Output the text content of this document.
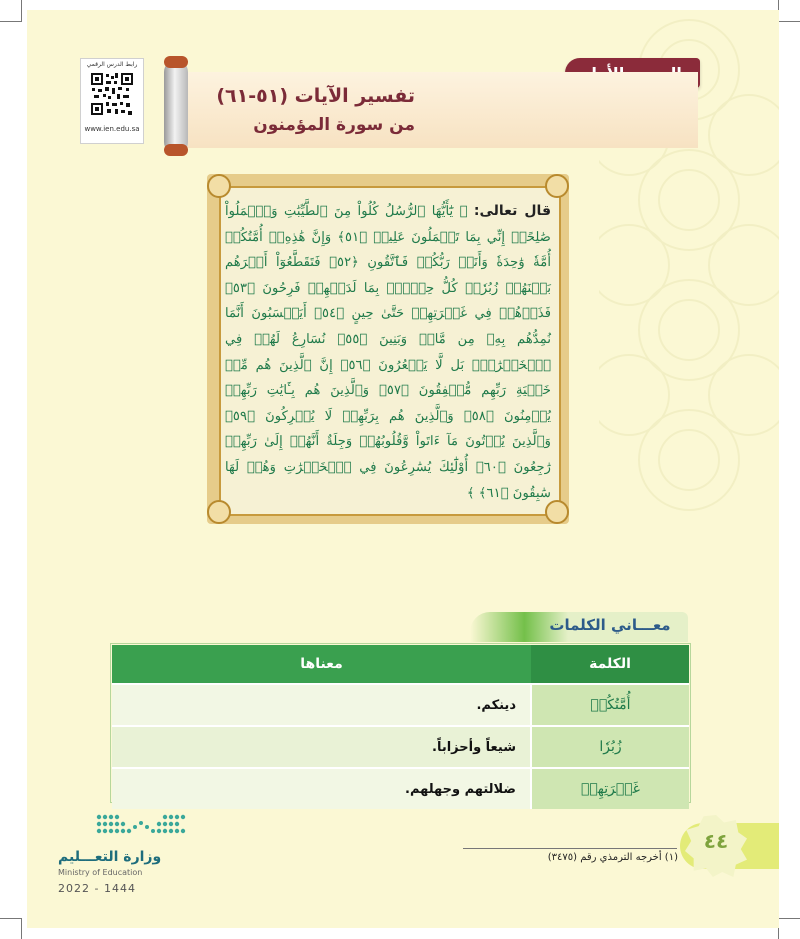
رابط الدرس الرقمي
www.ien.edu.sa
تفسير الآيات (٥١-٦١)
من سورة المؤمنون
قال تعالى: ﴿ يَٰٓأَيُّهَا ٱلرُّسُلُ كُلُواْ مِنَ ٱلطَّيِّبَٰتِ وَٱعۡمَلُواْ صَٰلِحًاۖ إِنِّي بِمَا تَعۡمَلُونَ عَلِيمٞ ﴿٥١﴾ وَإِنَّ هَٰذِهِۦٓ أُمَّتُكُمۡ أُمَّةٗ وَٰحِدَةٗ وَأَنَا۠ رَبُّكُمۡ فَٱتَّقُونِ ﴿٥٢﴾ فَتَقَطَّعُوٓاْ أَمۡرَهُم بَيۡنَهُمۡ زُبُرٗاۖ كُلُّ حِزۡبِۭ بِمَا لَدَيۡهِمۡ فَرِحُونَ ﴿٥٣﴾ فَذَرۡهُمۡ فِي غَمۡرَتِهِمۡ حَتَّىٰ حِينٍ ﴿٥٤﴾ أَيَحۡسَبُونَ أَنَّمَا نُمِدُّهُم بِهِۦ مِن مَّالٖ وَبَنِينَ ﴿٥٥﴾ نُسَارِعُ لَهُمۡ فِي ٱلۡخَيۡرَٰتِۚ بَل لَّا يَشۡعُرُونَ ﴿٥٦﴾ إِنَّ ٱلَّذِينَ هُم مِّنۡ خَشۡيَةِ رَبِّهِم مُّشۡفِقُونَ ﴿٥٧﴾ وَٱلَّذِينَ هُم بِـَٔايَٰتِ رَبِّهِمۡ يُؤۡمِنُونَ ﴿٥٨﴾ وَٱلَّذِينَ هُم بِرَبِّهِمۡ لَا يُشۡرِكُونَ ﴿٥٩﴾ وَٱلَّذِينَ يُؤۡتُونَ مَآ ءَاتَواْ وَّقُلُوبُهُمۡ وَجِلَةٌ أَنَّهُمۡ إِلَىٰ رَبِّهِمۡ رَٰجِعُونَ ﴿٦٠﴾ أُوْلَٰٓئِكَ يُسَٰرِعُونَ فِي ٱلۡخَيۡرَٰتِ وَهُمۡ لَهَا سَٰبِقُونَ ﴿٦١﴾ ﴾
معـــاني الكلمات
الكلمة	معناها
أُمَّتُكُمۡ	دينكم.
زُبُرٗا	شيعاً وأحزاباً.
غَمۡرَتِهِمۡ	ضلالتهم وجهلهم.
(١) أخرجه الترمذي رقم (٣٤٧٥)
٤٤
وزارة التعـــليم
Ministry of Education
2022 - 1444
